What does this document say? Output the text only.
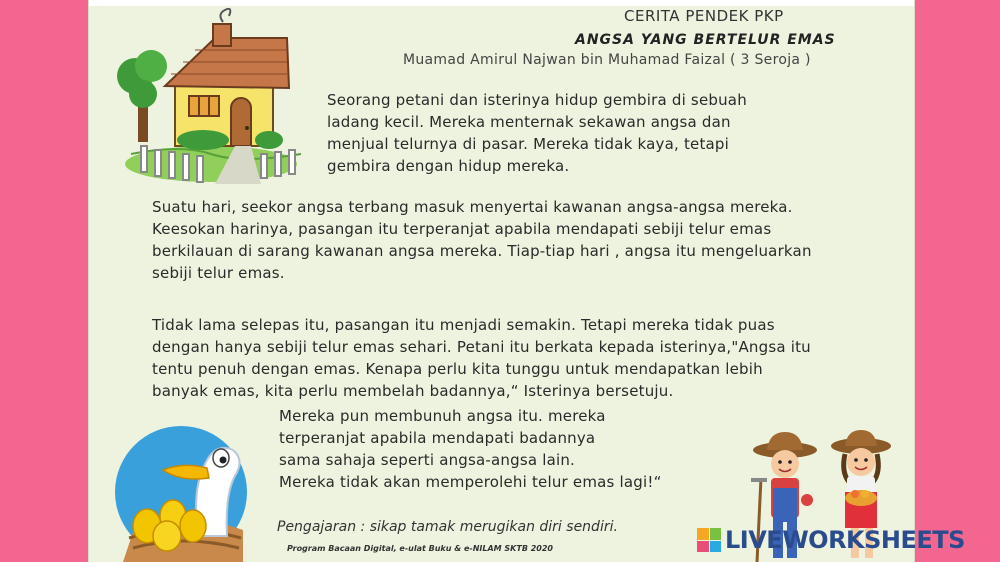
CERITA PENDEK PKP
ANGSA YANG BERTELUR EMAS
Muamad Amirul Najwan bin Muhamad Faizal ( 3 Seroja )

Seorang petani dan isterinya hidup gembira di sebuah
ladang kecil. Mereka menternak sekawan angsa dan
menjual telurnya di pasar. Mereka tidak kaya, tetapi
gembira dengan hidup mereka.

Suatu hari, seekor angsa terbang masuk menyertai kawanan angsa-angsa mereka.
Keesokan harinya, pasangan itu terperanjat apabila mendapati sebiji telur emas
berkilauan di sarang kawanan angsa mereka. Tiap-tiap hari , angsa itu mengeluarkan
sebiji telur emas.

Tidak lama selepas itu, pasangan itu menjadi semakin. Tetapi mereka tidak puas
dengan hanya sebiji telur emas sehari. Petani itu berkata kepada isterinya,"Angsa itu
tentu penuh dengan emas. Kenapa perlu kita tunggu untuk mendapatkan lebih
banyak emas, kita perlu membelah badannya,“ Isterinya bersetuju.

Mereka pun membunuh angsa itu. mereka
terperanjat apabila mendapati badannya
sama sahaja seperti angsa-angsa lain.
Mereka tidak akan memperolehi telur emas lagi!“

Pengajaran : sikap tamak merugikan diri sendiri.
Program Bacaan Digital, e-ulat Buku & e-NILAM SKTB 2020	LIVEWORKSHEETS
